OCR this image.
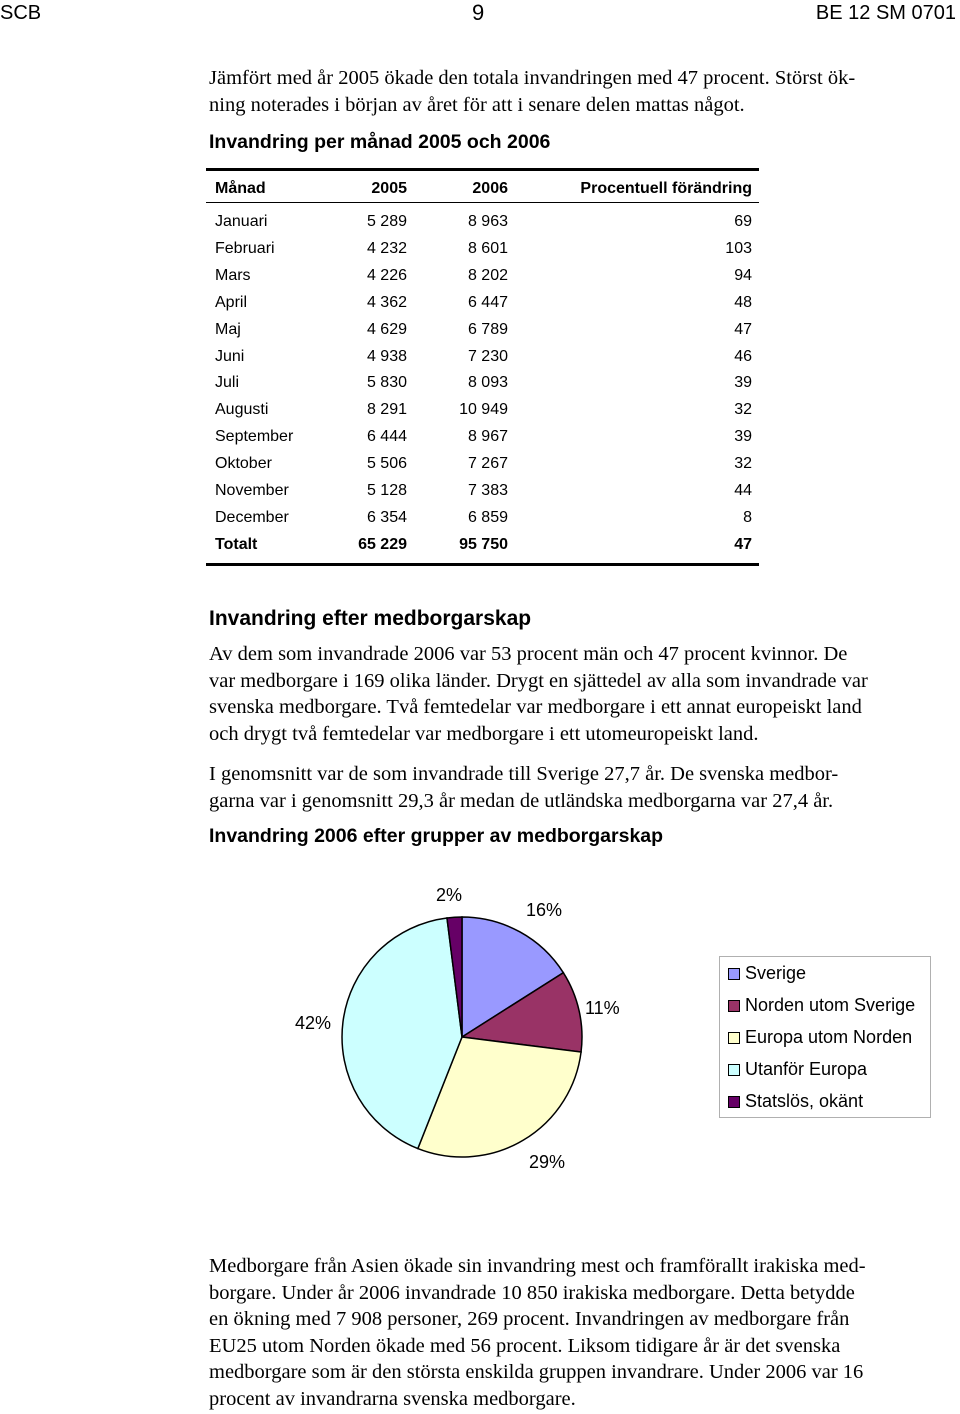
SCB	9	BE 12 SM 0701
Jämfört med år 2005 ökade den totala invandringen med 47 procent. Störst ök-
ning noterades i början av året för att i senare delen mattas något.
Invandring per månad 2005 och 2006
Månad	2005	2006	Procentuell förändring
Januari	5 289	8 963	69
Februari	4 232	8 601	103
Mars	4 226	8 202	94
April	4 362	6 447	48
Maj	4 629	6 789	47
Juni	4 938	7 230	46
Juli	5 830	8 093	39
Augusti	8 291	10 949	32
September	6 444	8 967	39
Oktober	5 506	7 267	32
November	5 128	7 383	44
December	6 354	6 859	8
Totalt	65 229	95 750	47
Invandring efter medborgarskap
Av dem som invandrade 2006 var 53 procent män och 47 procent kvinnor. De
var medborgare i 169 olika länder. Drygt en sjättedel av alla som invandrade var
svenska medborgare. Två femtedelar var medborgare i ett annat europeiskt land
och drygt två femtedelar var medborgare i ett utomeuropeiskt land.
I genomsnitt var de som invandrade till Sverige 27,7 år. De svenska medbor-
garna var i genomsnitt 29,3 år medan de utländska medborgarna var 27,4 år.
Invandring 2006 efter grupper av medborgarskap
2%
16%
11%
29%
42%
Sverige
Norden utom Sverige
Europa utom Norden
Utanför Europa
Statslös, okänt
Medborgare från Asien ökade sin invandring mest och framförallt irakiska med-
borgare. Under år 2006 invandrade 10 850 irakiska medborgare. Detta betydde
en ökning med 7 908 personer, 269 procent. Invandringen av medborgare från
EU25 utom Norden ökade med 56 procent. Liksom tidigare år är det svenska
medborgare som är den största enskilda gruppen invandrare. Under 2006 var 16
procent av invandrarna svenska medborgare.
